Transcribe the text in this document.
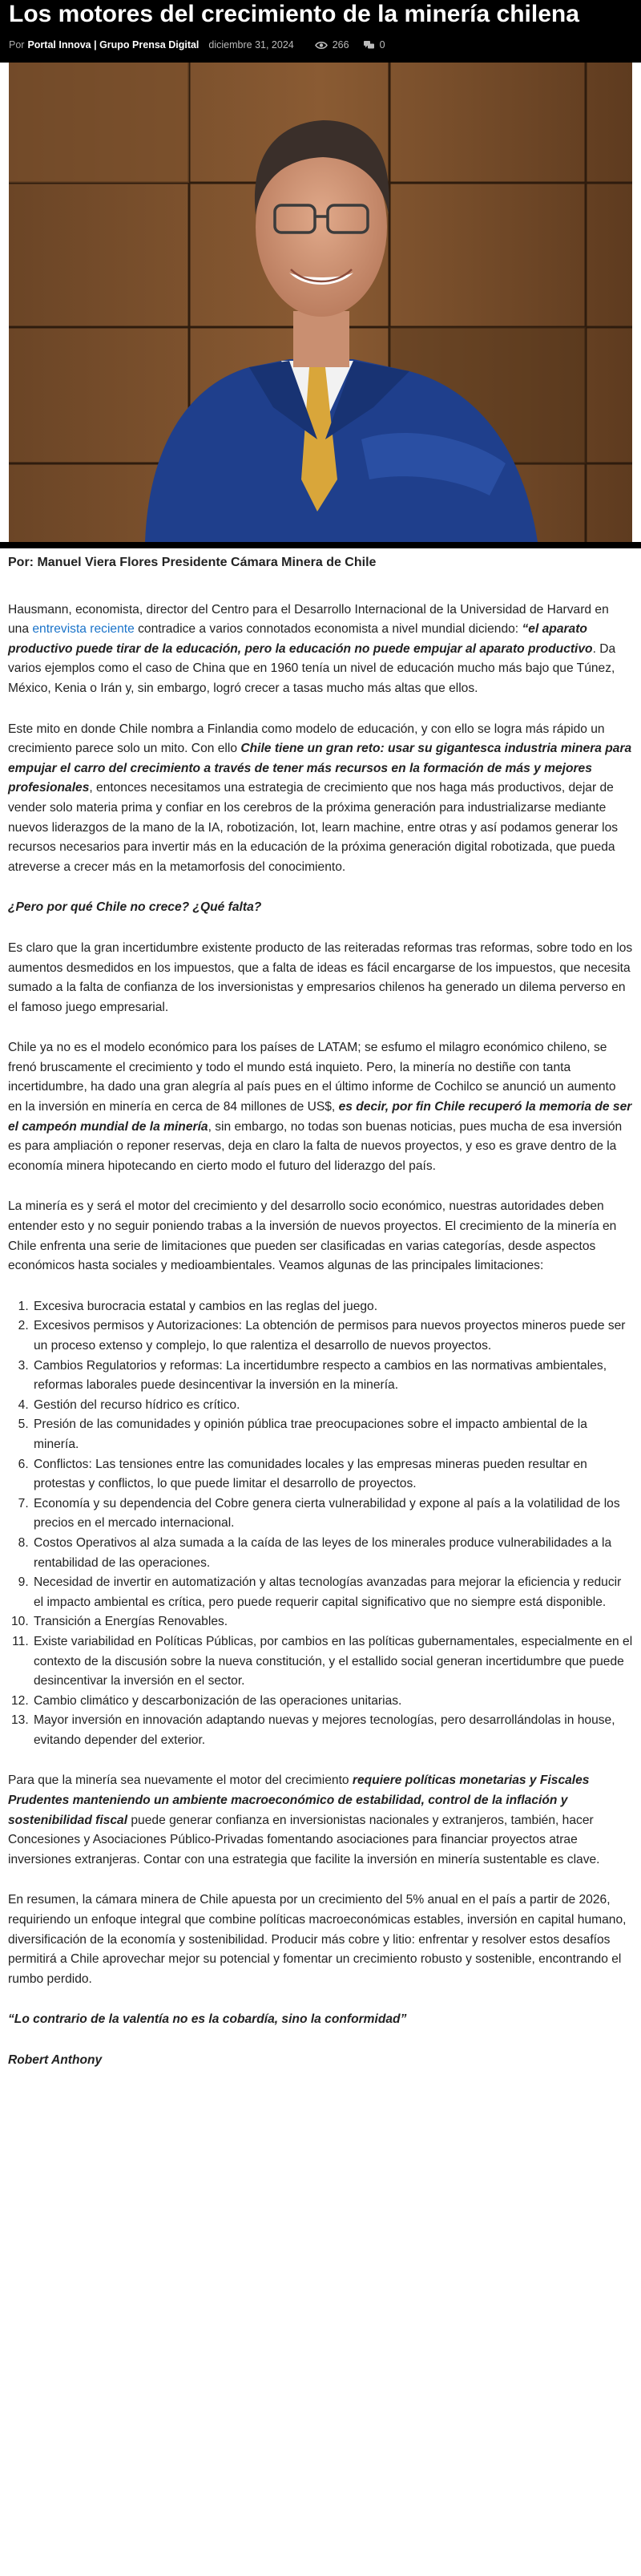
Los motores del crecimiento de la minería chilena
Por Portal Innova | Grupo Prensa Digital diciembre 31, 2024	266	0

Por: Manuel Viera Flores Presidente Cámara Minera de Chile

Hausmann, economista, director del Centro para el Desarrollo Internacional de la Universidad de Harvard en una entrevista reciente contradice a varios connotados economista a nivel mundial diciendo: “el aparato productivo puede tirar de la educación, pero la educación no puede empujar al aparato productivo. Da varios ejemplos como el caso de China que en 1960 tenía un nivel de educación mucho más bajo que Túnez, México, Kenia o Irán y, sin embargo, logró crecer a tasas mucho más altas que ellos.

Este mito en donde Chile nombra a Finlandia como modelo de educación, y con ello se logra más rápido un crecimiento parece solo un mito. Con ello Chile tiene un gran reto: usar su gigantesca industria minera para empujar el carro del crecimiento a través de tener más recursos en la formación de más y mejores profesionales, entonces necesitamos una estrategia de crecimiento que nos haga más productivos, dejar de vender solo materia prima y confiar en los cerebros de la próxima generación para industrializarse mediante nuevos liderazgos de la mano de la IA, robotización, Iot, learn machine, entre otras y así podamos generar los recursos necesarios para invertir más en la educación de la próxima generación digital robotizada, que pueda atreverse a crecer más en la metamorfosis del conocimiento.

¿Pero por qué Chile no crece? ¿Qué falta?

Es claro que la gran incertidumbre existente producto de las reiteradas reformas tras reformas, sobre todo en los aumentos desmedidos en los impuestos, que a falta de ideas es fácil encargarse de los impuestos, que necesita sumado a la falta de confianza de los inversionistas y empresarios chilenos ha generado un dilema perverso en el famoso juego empresarial.

Chile ya no es el modelo económico para los países de LATAM; se esfumo el milagro económico chileno, se frenó bruscamente el crecimiento y todo el mundo está inquieto. Pero, la minería no destiñe con tanta incertidumbre, ha dado una gran alegría al país pues en el último informe de Cochilco se anunció un aumento en la inversión en minería en cerca de 84 millones de US$, es decir, por fin Chile recuperó la memoria de ser el campeón mundial de la minería, sin embargo, no todas son buenas noticias, pues mucha de esa inversión es para ampliación o reponer reservas, deja en claro la falta de nuevos proyectos, y eso es grave dentro de la economía minera hipotecando en cierto modo el futuro del liderazgo del país.

La minería es y será el motor del crecimiento y del desarrollo socio económico, nuestras autoridades deben entender esto y no seguir poniendo trabas a la inversión de nuevos proyectos. El crecimiento de la minería en Chile enfrenta una serie de limitaciones que pueden ser clasificadas en varias categorías, desde aspectos económicos hasta sociales y medioambientales. Veamos algunas de las principales limitaciones:

1. Excesiva burocracia estatal y cambios en las reglas del juego.
2. Excesivos permisos y Autorizaciones: La obtención de permisos para nuevos proyectos mineros puede ser un proceso extenso y complejo, lo que ralentiza el desarrollo de nuevos proyectos.
3. Cambios Regulatorios y reformas: La incertidumbre respecto a cambios en las normativas ambientales, reformas laborales puede desincentivar la inversión en la minería.
4. Gestión del recurso hídrico es crítico.
5. Presión de las comunidades y opinión pública trae preocupaciones sobre el impacto ambiental de la minería.
6. Conflictos: Las tensiones entre las comunidades locales y las empresas mineras pueden resultar en protestas y conflictos, lo que puede limitar el desarrollo de proyectos.
7. Economía y su dependencia del Cobre genera cierta vulnerabilidad y expone al país a la volatilidad de los precios en el mercado internacional.
8. Costos Operativos al alza sumada a la caída de las leyes de los minerales produce vulnerabilidades a la rentabilidad de las operaciones.
9. Necesidad de invertir en automatización y altas tecnologías avanzadas para mejorar la eficiencia y reducir el impacto ambiental es crítica, pero puede requerir capital significativo que no siempre está disponible.
10. Transición a Energías Renovables.
11. Existe variabilidad en Políticas Públicas, por cambios en las políticas gubernamentales, especialmente en el contexto de la discusión sobre la nueva constitución, y el estallido social generan incertidumbre que puede desincentivar la inversión en el sector.
12. Cambio climático y descarbonización de las operaciones unitarias.
13. Mayor inversión en innovación adaptando nuevas y mejores tecnologías, pero desarrollándolas in house, evitando depender del exterior.

Para que la minería sea nuevamente el motor del crecimiento requiere políticas monetarias y Fiscales Prudentes manteniendo un ambiente macroeconómico de estabilidad, control de la inflación y sostenibilidad fiscal puede generar confianza en inversionistas nacionales y extranjeros, también, hacer Concesiones y Asociaciones Público-Privadas fomentando asociaciones para financiar proyectos atrae inversiones extranjeras. Contar con una estrategia que facilite la inversión en minería sustentable es clave.

En resumen, la cámara minera de Chile apuesta por un crecimiento del 5% anual en el país a partir de 2026, requiriendo un enfoque integral que combine políticas macroeconómicas estables, inversión en capital humano, diversificación de la economía y sostenibilidad. Producir más cobre y litio: enfrentar y resolver estos desafíos permitirá a Chile aprovechar mejor su potencial y fomentar un crecimiento robusto y sostenible, encontrando el rumbo perdido.

“Lo contrario de la valentía no es la cobardía, sino la conformidad”

Robert Anthony
